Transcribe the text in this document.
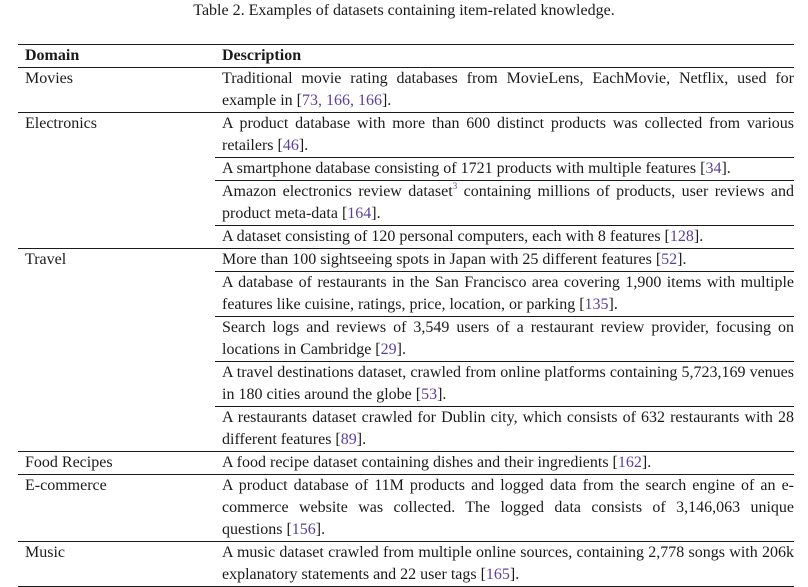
Table 2. Examples of datasets containing item-related knowledge.
Domain	Description
Movies	Traditional movie rating databases from MovieLens, EachMovie, Netflix, used for example in [73, 166, 166].
Electronics	A product database with more than 600 distinct products was collected from various retailers [46].
	A smartphone database consisting of 1721 products with multiple features [34].
	Amazon electronics review dataset$^3$ containing millions of products, user reviews and product meta-data [164].
	A dataset consisting of 120 personal computers, each with 8 features [128].
Travel	More than 100 sightseeing spots in Japan with 25 different features [52].
	A database of restaurants in the San Francisco area covering 1,900 items with multiple features like cuisine, ratings, price, location, or parking [135].
	Search logs and reviews of 3,549 users of a restaurant review provider, focusing on locations in Cambridge [29].
	A travel destinations dataset, crawled from online platforms containing 5,723,169 venues in 180 cities around the globe [53].
	A restaurants dataset crawled for Dublin city, which consists of 632 restaurants with 28 different features [89].
Food Recipes	A food recipe dataset containing dishes and their ingredients [162].
E-commerce	A product database of 11M products and logged data from the search engine of an e-commerce website was collected. The logged data consists of 3,146,063 unique questions [156].
Music	A music dataset crawled from multiple online sources, containing 2,778 songs with 206k explanatory statements and 22 user tags [165].
